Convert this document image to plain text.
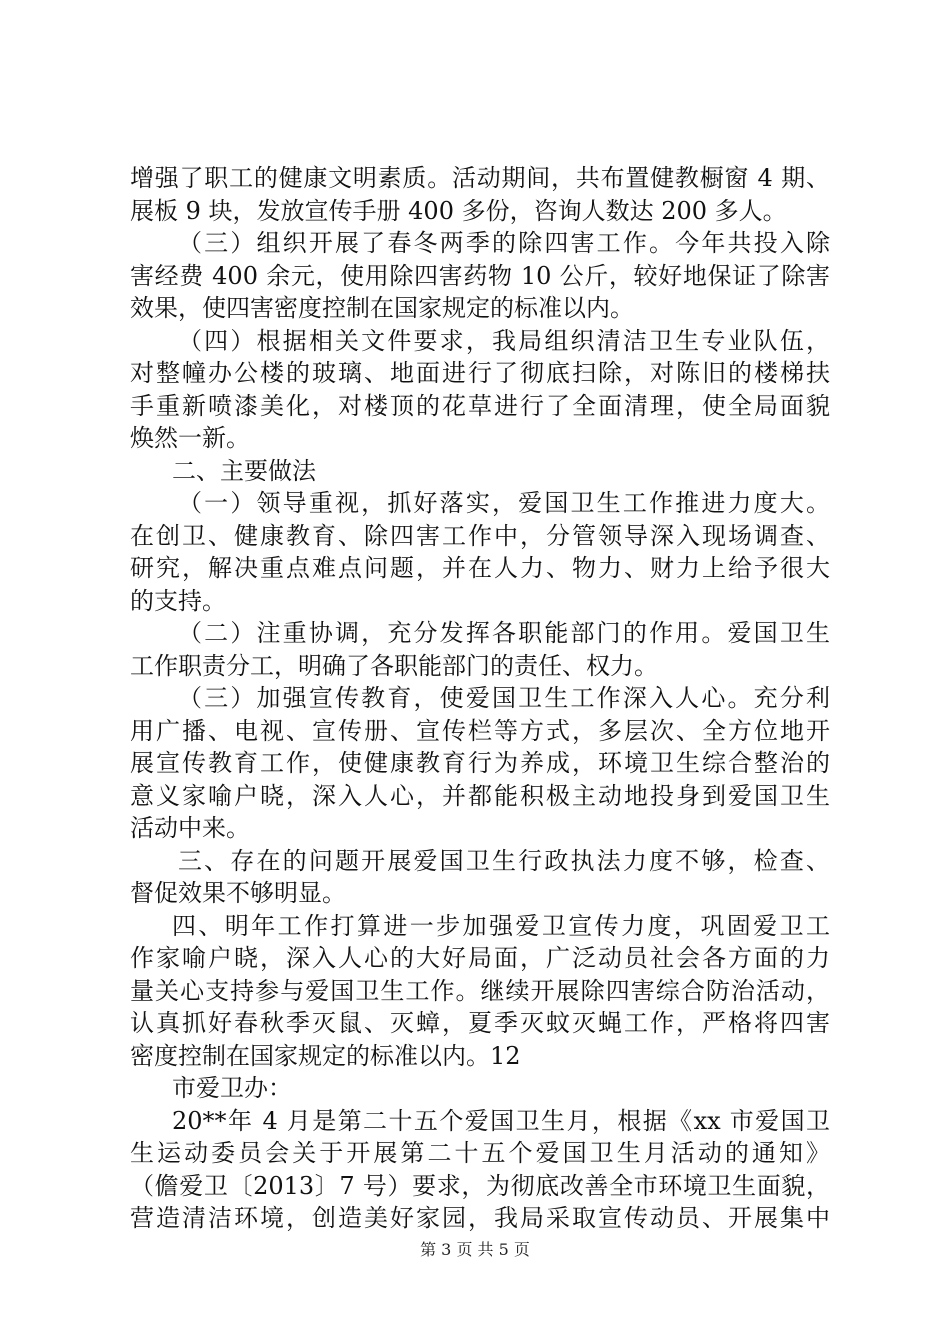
增强了职工的健康文明素质。活动期间，共布置健教橱窗 4 期、
展板 9 块，发放宣传手册 400 多份，咨询人数达 200 多人。
（三）组织开展了春冬两季的除四害工作。今年共投入除
害经费 400 余元，使用除四害药物 10 公斤，较好地保证了除害
效果，使四害密度控制在国家规定的标准以内。
（四）根据相关文件要求，我局组织清洁卫生专业队伍，
对整幢办公楼的玻璃、地面进行了彻底扫除，对陈旧的楼梯扶
手重新喷漆美化，对楼顶的花草进行了全面清理，使全局面貌
焕然一新。
二、主要做法
（一）领导重视，抓好落实，爱国卫生工作推进力度大。
在创卫、健康教育、除四害工作中，分管领导深入现场调查、
研究，解决重点难点问题，并在人力、物力、财力上给予很大
的支持。
（二）注重协调，充分发挥各职能部门的作用。爱国卫生
工作职责分工，明确了各职能部门的责任、权力。
（三）加强宣传教育，使爱国卫生工作深入人心。充分利
用广播、电视、宣传册、宣传栏等方式，多层次、全方位地开
展宣传教育工作，使健康教育行为养成，环境卫生综合整治的
意义家喻户晓，深入人心，并都能积极主动地投身到爱国卫生
活动中来。
三、存在的问题开展爱国卫生行政执法力度不够，检查、
督促效果不够明显。
四、明年工作打算进一步加强爱卫宣传力度，巩固爱卫工
作家喻户晓，深入人心的大好局面，广泛动员社会各方面的力
量关心支持参与爱国卫生工作。继续开展除四害综合防治活动，
认真抓好春秋季灭鼠、灭蟑，夏季灭蚊灭蝇工作，严格将四害
密度控制在国家规定的标准以内。12
市爱卫办：
20**年 4 月是第二十五个爱国卫生月，根据《xx 市爱国卫
生运动委员会关于开展第二十五个爱国卫生月活动的通知》
（儋爱卫〔2013〕7 号）要求，为彻底改善全市环境卫生面貌，
营造清洁环境，创造美好家园，我局采取宣传动员、开展集中
第 3 页 共 5 页
